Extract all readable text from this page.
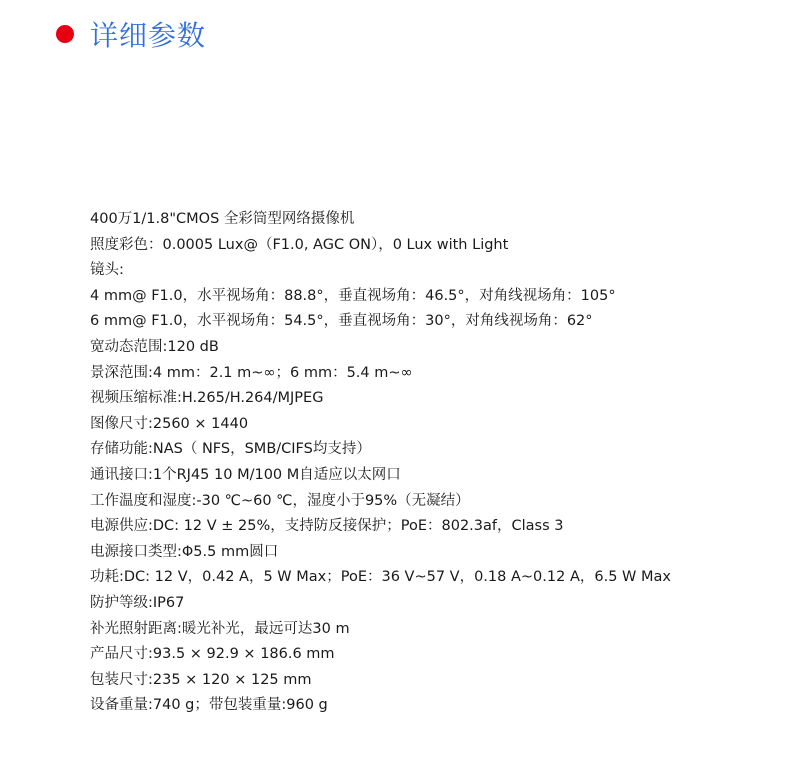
详细参数
400万1/1.8"CMOS 全彩筒型网络摄像机
照度彩色：0.0005 Lux@（F1.0, AGC ON），0 Lux with Light
镜头:
4 mm@ F1.0，水平视场角：88.8°，垂直视场角：46.5°，对角线视场角：105°
6 mm@ F1.0，水平视场角：54.5°，垂直视场角：30°，对角线视场角：62°
宽动态范围:120 dB
景深范围:4 mm：2.1 m~∞；6 mm：5.4 m~∞
视频压缩标准:H.265/H.264/MJPEG
图像尺寸:2560 × 1440
存储功能:NAS（ NFS，SMB/CIFS均支持）
通讯接口:1个RJ45 10 M/100 M自适应以太网口
工作温度和湿度:-30 ℃~60 ℃，湿度小于95%（无凝结）
电源供应:DC: 12 V ± 25%，支持防反接保护；PoE：802.3af，Class 3
电源接口类型:Φ5.5 mm圆口
功耗:DC: 12 V，0.42 A，5 W Max；PoE：36 V~57 V，0.18 A~0.12 A，6.5 W Max
防护等级:IP67
补光照射距离:暖光补光，最远可达30 m
产品尺寸:93.5 × 92.9 × 186.6 mm
包装尺寸:235 × 120 × 125 mm
设备重量:740 g；带包装重量:960 g
